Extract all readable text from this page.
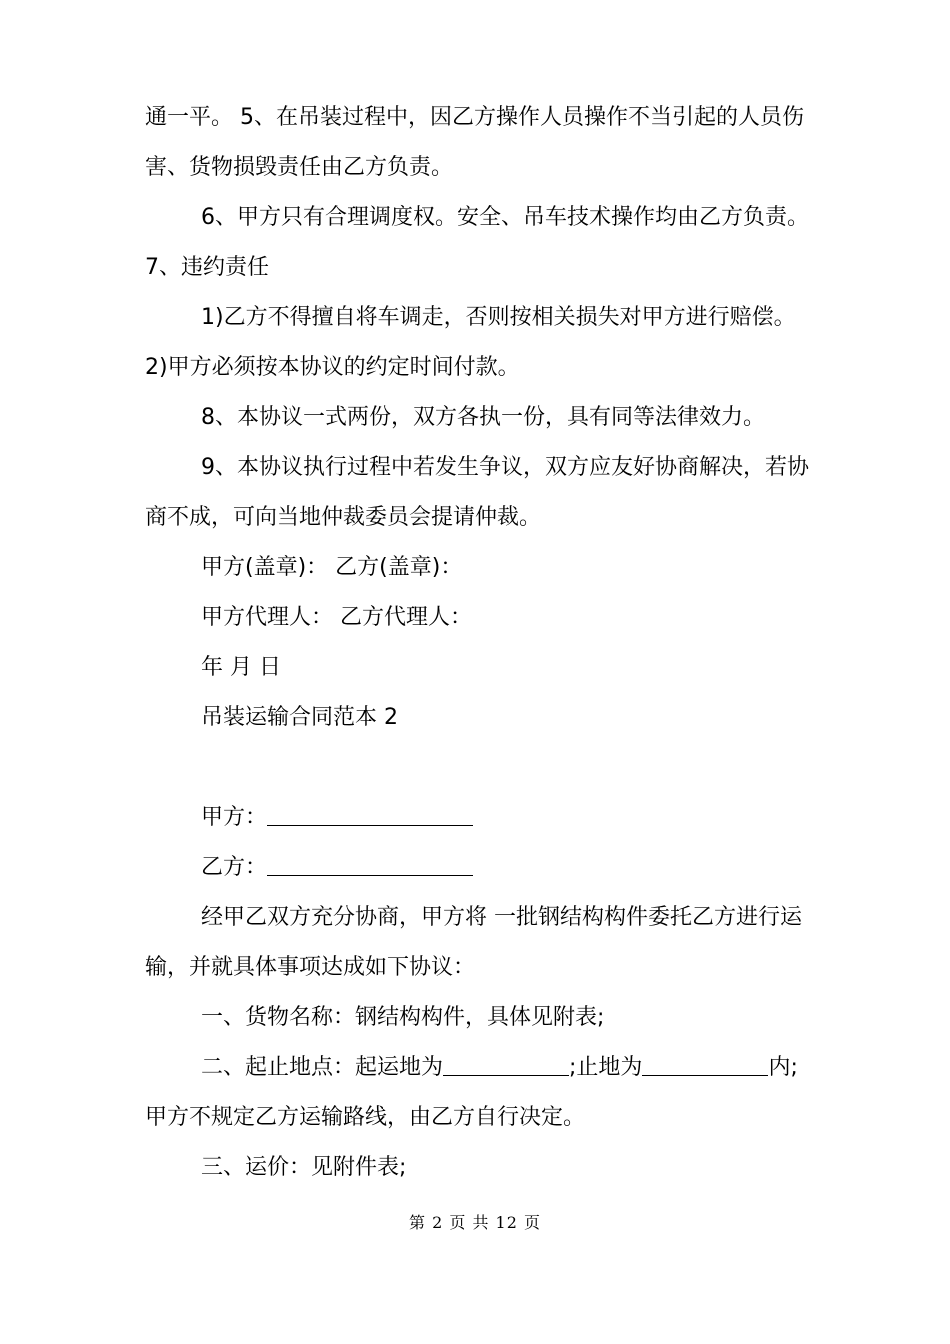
通一平。 5、在吊装过程中，因乙方操作人员操作不当引起的人员伤害、货物损毁责任由乙方负责。

6、甲方只有合理调度权。安全、吊车技术操作均由乙方负责。

7、违约责任

1)乙方不得擅自将车调走，否则按相关损失对甲方进行赔偿。2)甲方必须按本协议的约定时间付款。

8、本协议一式两份，双方各执一份，具有同等法律效力。

9、本协议执行过程中若发生争议，双方应友好协商解决，若协商不成，可向当地仲裁委员会提请仲裁。

甲方(盖章)： 乙方(盖章)：

甲方代理人： 乙方代理人：

年 月 日

吊装运输合同范本 2

甲方：

乙方：

经甲乙双方充分协商，甲方将 一批钢结构构件委托乙方进行运输，并就具体事项达成如下协议：

一、货物名称：钢结构构件，具体见附表;

二、起止地点：起运地为	;止地为	内;

甲方不规定乙方运输路线，由乙方自行决定。

三、运价：见附件表;

第 2 页 共 12 页
